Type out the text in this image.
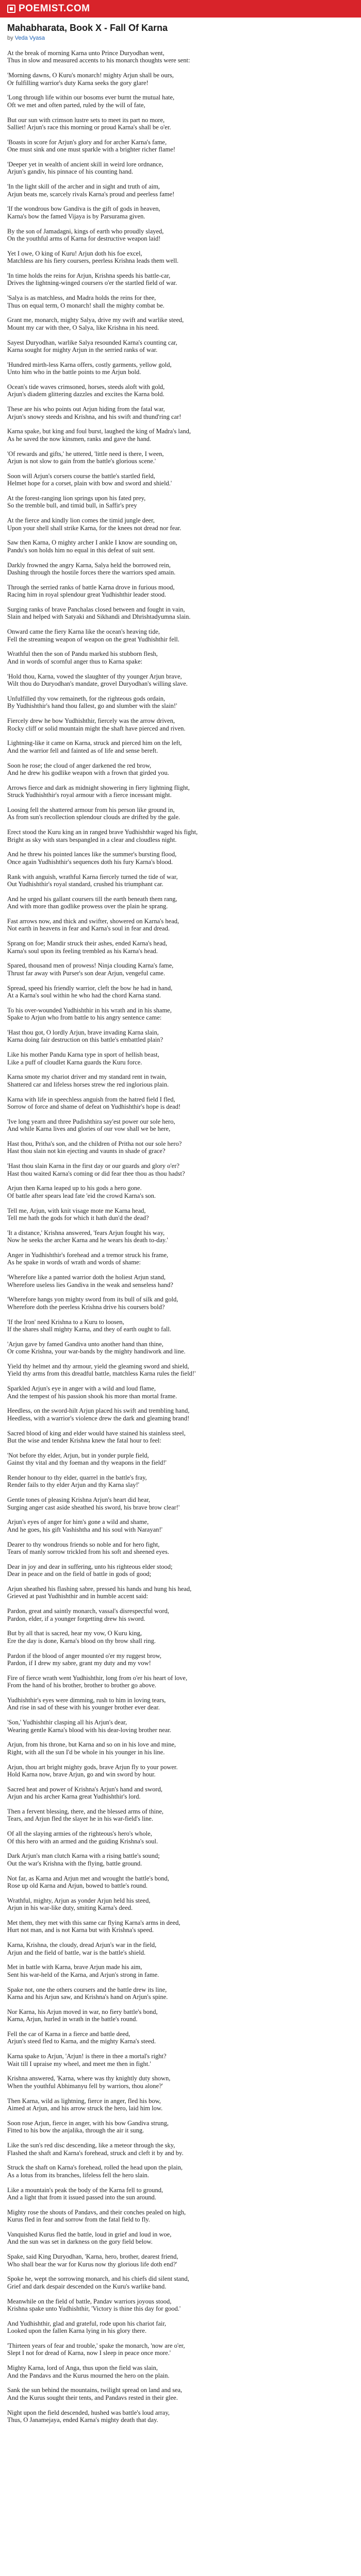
POEMIST.COM
Mahabharata, Book X - Fall Of Karna
by Veda Vyasa
At the break of morning Karna unto Prince Duryodhan went,
Thus in slow and measured accents to his monarch thoughts were sent:
'Morning dawns, O Kuru's monarch! mighty Arjun shall be ours,
Or fulfilling warrior's duty Karna seeks the gory glare!
'Long through life within our bosoms ever burnt the mutual hate,
Oft we met and often parted, ruled by the will of fate,
But our sun with crimson lustre sets to meet its part no more,
Salliet! Arjun's race this morning or proud Karna's shall be o'er.
'Boasts in score for Arjun's glory and for archer Karna's fame,
One must sink and one must sparkle with a brighter richer flame!
'Deeper yet in wealth of ancient skill in weird lore ordnance,
Arjun's gandiv, his pinnace of his counting hand.
'In the light skill of the archer and in sight and truth of aim,
Arjun beats me, scarcely rivals Karna's proud and peerless fame!
'If the wondrous bow Gandiva is the gift of gods in heaven,
Karna's bow the famed Vijaya is by Parsurama given.
By the son of Jamadagni, kings of earth who proudly slayed,
On the youthful arms of Karna for destructive weapon laid!
Yet I owe, O king of Kuru! Arjun doth his foe excel,
Matchless are his fiery coursers, peerless Krishna leads them well.
'In time holds the reins for Arjun, Krishna speeds his battle-car,
Drives the lightning-winged coursers o'er the startled field of war.
'Salya is as matchless, and Madra holds the reins for thee,
Thus on equal term, O monarch! shall the mighty combat be.
Grant me, monarch, mighty Salya, drive my swift and warlike steed,
Mount my car with thee, O Salya, like Krishna in his need.
Sayest Duryodhan, warlike Salya resounded Karna's counting car,
Karna sought for mighty Arjun in the serried ranks of war.
'Hundred mirth-less Karna offers, costly garments, yellow gold,
Unto him who in the battle points to me Arjun bold.
Ocean's tide waves crimsoned, horses, steeds aloft with gold,
Arjun's diadem glittering dazzles and excites the Karna bold.
These are his who points out Arjun hiding from the fatal war,
Arjun's snowy steeds and Krishna, and his swift and thund'ring car!
Karna spake, but king and foul burst, laughed the king of Madra's land,
As he saved the now kinsmen, ranks and gave the hand.
'Of rewards and gifts,' he uttered, 'little need is there, I ween,
Arjun is not slow to gain from the battle's glorious scene.'
Soon will Arjun's corsers course the battle's startled field,
Helmet hope for a corset, plain with bow and sword and shield.'
At the forest-ranging lion springs upon his fated prey,
So the tremble bull, and timid bull, in Saffir's prey
At the fierce and kindly lion comes the timid jungle deer,
Upon your shell shall strike Karna, for the knees not dread nor fear.
Saw then Karna, O mighty archer I ankle I know are sounding on,
Pandu's son holds him no equal in this defeat of suit sent.
Darkly frowned the angry Karna, Salya held the borrowed rein,
Dashing through the hostile forces there the warriors sped amain.
Through the serried ranks of battle Karna drove in furious mood,
Racing him in royal splendour great Yudhishthir leader stood.
Surging ranks of brave Panchalas closed between and fought in vain,
Slain and helped with Satyaki and Sikhandi and Dhrishtadyumna slain.
Onward came the fiery Karna like the ocean's heaving tide,
Fell the streaming weapon of weapon on the great Yudhishthir fell.
Wrathful then the son of Pandu marked his stubborn flesh,
And in words of scornful anger thus to Karna spake:
'Hold thou, Karna, vowed the slaughter of thy younger Arjun brave,
Wilt thou do Duryodhan's mandate, grovel Duryodhan's willing slave.
Unfulfilled thy vow remaineth, for the righteous gods ordain,
By Yudhishthir's hand thou fallest, go and slumber with the slain!'
Fiercely drew he bow Yudhishthir, fiercely was the arrow driven,
Rocky cliff or solid mountain might the shaft have pierced and riven.
Lightning-like it came on Karna, struck and pierced him on the left,
And the warrior fell and fainted as of life and sense bereft.
Soon he rose; the cloud of anger darkened the red brow,
And he drew his godlike weapon with a frown that girded you.
Arrows fierce and dark as midnight showering in fiery lightning flight,
Struck Yudhishthir's royal armour with a fierce incessant might.
Loosing fell the shattered armour from his person like ground in,
As from sun's recollection splendour clouds are drifted by the gale.
Erect stood the Kuru king an in ranged brave Yudhishthir waged his fight,
Bright as sky with stars bespangled in a clear and cloudless night.
And he threw his pointed lances like the summer's bursting flood,
Once again Yudhishthir's sequences doth his fury Karna's blood.
Rank with anguish, wrathful Karna fiercely turned the tide of war,
Out Yudhishthir's royal standard, crushed his triumphant car.
And he urged his gallant coursers till the earth beneath them rang,
And with more than godlike prowess over the plain he sprang.
Fast arrows now, and thick and swifter, showered on Karna's head,
Not earth in heavens in fear and Karna's soul in fear and dread.
Sprang on foe; Mandir struck their ashes, ended Karna's head,
Karna's soul upon its feeling trembled as his Karna's head.
Spared, thousand men of prowess! Ninja clouding Karna's fame,
Thrust far away with Purser's son dear Arjun, vengeful came.
Spread, speed his friendly warrior, cleft the bow he had in hand,
At a Karna's soul within he who had the chord Karna stand.
To his over-wounded Yudhishthir in his wrath and in his shame,
Spake to Arjun who from battle to his angry sentence came:
'Hast thou got, O lordly Arjun, brave invading Karna slain,
Karna doing fair destruction on this battle's embattled plain?
Like his mother Pandu Karna type in sport of hellish beast,
Like a puff of cloudlet Karna guards the Kuru force.
Karna smote my chariot driver and my standard rent in twain,
Shattered car and lifeless horses strew the red inglorious plain.
Karna with life in speechless anguish from the hatred field I fled,
Sorrow of force and shame of defeat on Yudhishthir's hope is dead!
'Ive long yearn and three Pudishthira say'est power our sole hero,
And while Karna lives and glories of our vow shall we be here,
Hast thou, Pritha's son, and the children of Pritha not our sole hero?
Hast thou slain not kin ejecting and vaunts in shade of grace?
'Hast thou slain Karna in the first day or our guards and glory o'er?
Hast thou waited Karna's coming or did fear thee thou as thou hadst?
Arjun then Karna leaped up to his gods a hero gone.
Of battle after spears lead fate 'eid the crowd Karna's son.
Tell me, Arjun, with knit visage mote me Karna head,
Tell me hath the gods for which it hath dun'd the dead?
'It a distance,' Krishna answered, 'fears Arjun fought his way,
Now he seeks the archer Karna and he wears his death to-day.'
Anger in Yudhishthir's forehead and a tremor struck his frame,
As he spake in words of wrath and words of shame:
'Wherefore like a panted warrior doth the holiest Arjun stand,
Wherefore useless lies Gandiva in the weak and senseless hand?
'Wherefore hangs yon mighty sword from its bull of silk and gold,
Wherefore doth the peerless Krishna drive his coursers bold?
'If the Iron' need Krishna to a Kuru to loosen,
If the shares shall mighty Karna, and they of earth ought to fall.
'Arjun gave by famed Gandiva unto another hand than thine,
Or come Krishna, your war-bands by the mighty handiwork and line.
Yield thy helmet and thy armour, yield the gleaming sword and shield,
Yield thy arms from this dreadful battle, matchless Karna rules the field!'
Sparkled Arjun's eye in anger with a wild and loud flame,
And the tempest of his passion shook his more than mortal frame.
Heedless, on the sword-hilt Arjun placed his swift and trembling hand,
Heedless, with a warrior's violence drew the dark and gleaming brand!
Sacred blood of king and elder would have stained his stainless steel,
But the wise and tender Krishna knew the fatal hour to feel:
'Not before thy elder, Arjun, but in yonder purple field,
Gainst thy vital and thy foeman and thy weapons in the field!'
Render honour to thy elder, quarrel in the battle's fray,
Render fails to thy elder Arjun and thy Karna slay!'
Gentle tones of pleasing Krishna Arjun's heart did hear,
Surging anger cast aside sheathed his sword, his brave brow clear!'
Arjun's eyes of anger for him's gone a wild and shame,
And he goes, his gift Vashishtha and his soul with Narayan!'
Dearer to thy wondrous friends so noble and for hero fight,
Tears of manly sorrow trickled from his soft and sheened eyes.
Dear in joy and dear in suffering, unto his righteous elder stood;
Dear in peace and on the field of battle in gods of good;
Arjun sheathed his flashing sabre, pressed his hands and hung his head,
Grieved at past Yudhishthir and in humble accent said:
Pardon, great and saintly monarch, vassal's disrespectful word,
Pardon, elder, if a younger forgetting drew his sword.
But by all that is sacred, hear my vow, O Kuru king,
Ere the day is done, Karna's blood on thy brow shall ring.
Pardon if the blood of anger mounted o'er my ruggest brow,
Pardon, if I drew my sabre, grant my duty and my vow!
Fire of fierce wrath went Yudhishthir, long from o'er his heart of love,
From the hand of his brother, brother to brother go above.
Yudhishthir's eyes were dimming, rush to him in loving tears,
And rise in sad of these with his younger brother ever dear.
'Son,' Yudhishthir clasping all his Arjun's dear,
Wearing gentle Karna's blood with his dear-loving brother near.
Arjun, from his throne, but Karna and so on in his love and mine,
Right, with all the sun I'd be whole in his younger in his line.
Arjun, thou art bright mighty gods, brave Arjun fly to your power.
Hold Karna now, brave Arjun, go and win sword by hour.
Sacred heat and power of Krishna's Arjun's hand and sword,
Arjun and his archer Karna great Yudhishthir's lord.
Then a fervent blessing, there, and the blessed arms of thine,
Tears, and Arjun fled the slayer he in his war-field's line.
Of all the slaying armies of the righteous's hero's whole,
Of this hero with an armed and the guiding Krishna's soul.
Dark Arjun's man clutch Karna with a rising battle's sound;
Out the war's Krishna with the flying, battle ground.
Not far, as Karna and Arjun met and wrought the battle's bond,
Rose up old Karna and Arjun, bowed to battle's round.
Wrathful, mighty, Arjun as yonder Arjun held his steed,
Arjun in his war-like duty, smiting Karna's deed.
Met them, they met with this same car flying Karna's arms in deed,
Hurt not man, and is not Karna but with Krishna's speed.
Karna, Krishna, the cloudy, dread Arjun's war in the field,
Arjun and the field of battle, war is the battle's shield.
Met in battle with Karna, brave Arjun made his aim,
Sent his war-held of the Karna, and Arjun's strong in fame.
Spake not, one the others coursers and the battle drew its line,
Karna and his Arjun saw, and Krishna's hand on Arjun's spine.
Nor Karna, his Arjun moved in war, no fiery battle's bond,
Karna, Arjun, hurled in wrath in the battle's round.
Fell the car of Karna in a fierce and battle deed,
Arjun's steed fled to Karna, and the mighty Karna's steed.
Karna spake to Arjun, 'Arjun! is there in thee a mortal's right?
Wait till I upraise my wheel, and meet me then in fight.'
Krishna answered, 'Karna, where was thy knightly duty shown,
When the youthful Abhimanyu fell by warriors, thou alone?'
Then Karna, wild as lightning, fierce in anger, fled his bow,
Aimed at Arjun, and his arrow struck the hero, laid him low.
Soon rose Arjun, fierce in anger, with his bow Gandiva strung,
Fitted to his bow the anjalika, through the air it sung.
Like the sun's red disc descending, like a meteor through the sky,
Flashed the shaft and Karna's forehead, struck and cleft it by and by.
Struck the shaft on Karna's forehead, rolled the head upon the plain,
As a lotus from its branches, lifeless fell the hero slain.
Like a mountain's peak the body of the Karna fell to ground,
And a light that from it issued passed into the sun around.
Mighty rose the shouts of Pandavs, and their conches pealed on high,
Kurus fled in fear and sorrow from the fatal field to fly.
Vanquished Kurus fled the battle, loud in grief and loud in woe,
And the sun was set in darkness on the gory field below.
Spake, said King Duryodhan, 'Karna, hero, brother, dearest friend,
Who shall bear the war for Kurus now thy glorious life doth end?'
Spoke he, wept the sorrowing monarch, and his chiefs did silent stand,
Grief and dark despair descended on the Kuru's warlike band.
Meanwhile on the field of battle, Pandav warriors joyous stood,
Krishna spake unto Yudhishthir, 'Victory is thine this day for good.'
And Yudhishthir, glad and grateful, rode upon his chariot fair,
Looked upon the fallen Karna lying in his glory there.
'Thirteen years of fear and trouble,' spake the monarch, 'now are o'er,
Slept I not for dread of Karna, now I sleep in peace once more.'
Mighty Karna, lord of Anga, thus upon the field was slain,
And the Pandavs and the Kurus mourned the hero on the plain.
Sank the sun behind the mountains, twilight spread on land and sea,
And the Kurus sought their tents, and Pandavs rested in their glee.
Night upon the field descended, hushed was battle's loud array,
Thus, O Janamejaya, ended Karna's mighty death that day.
